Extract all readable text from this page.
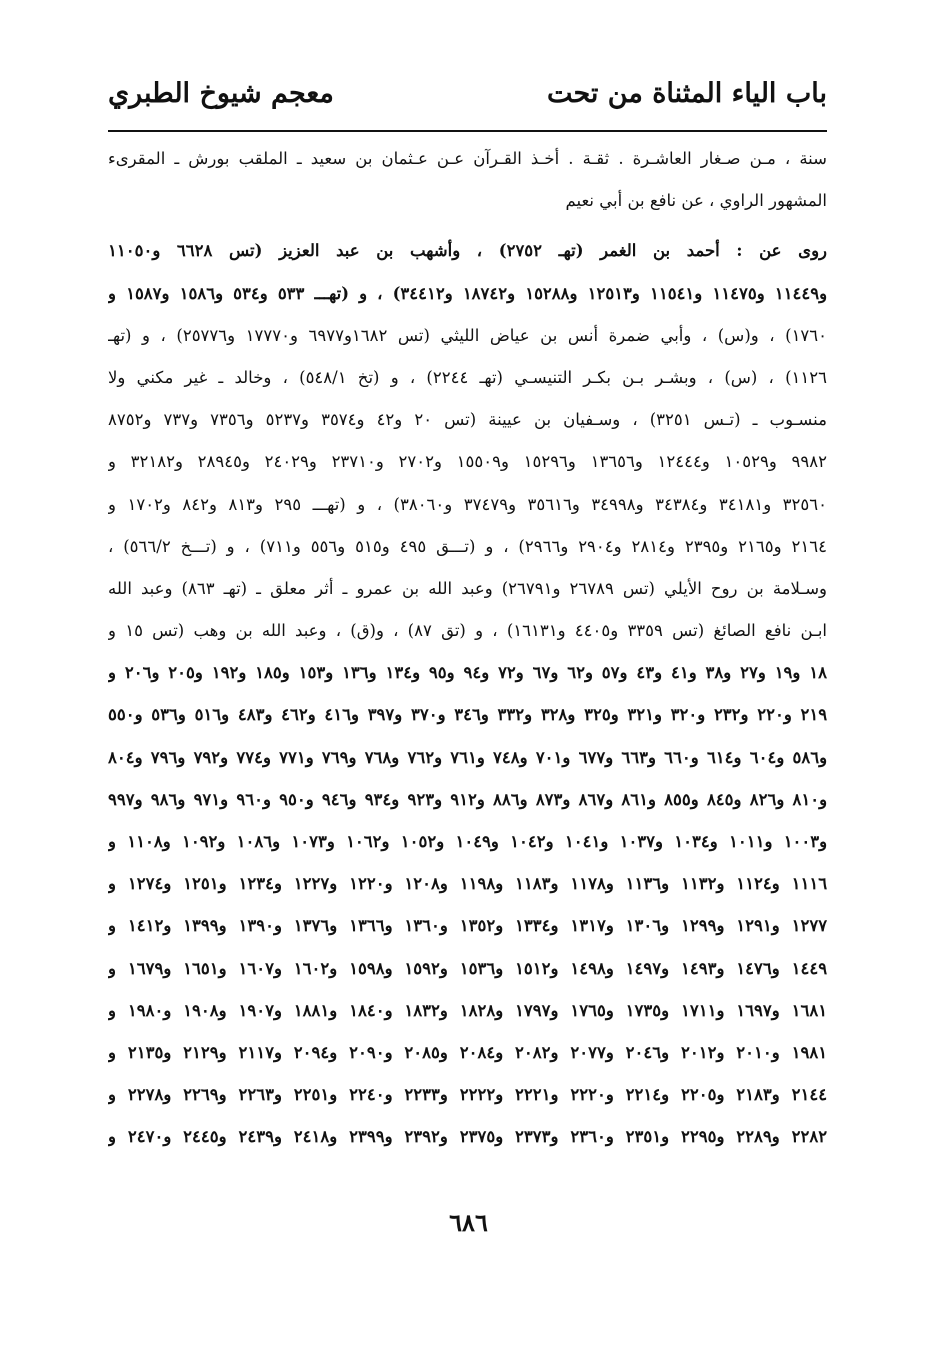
باب الياء المثناة من تحت
معجم شيوخ الطبري
سنة ، مـن صـغار العاشـرة . ثقـة . أخـذ القـرآن عـن عـثمان بن سعيد ـ الملقب بورش ـ المقرىء
المشهور الراوي ، عن نافع بن أبي نعيم
روى عن : أحمد بن الغمر (تهـ ٢٧٥٢) ، وأشهب بن عبد العزيز (تس ٦٦٢٨ و١١٠٥٠
و١١٤٤٩ و١١٤٧٥ و١١٥٤١ و١٢٥١٣ و١٥٢٨٨ و١٨٧٤٢ و٣٤٤١٢) ، و (تهـــ ٥٣٣ و٥٣٤ و١٥٨٦ و١٥٨٧ و
١٧٦٠) ، و(س) ، وأبي ضمرة أنس بن عياض الليثي (تس ١٦٨٢و٦٩٧٧ و١٧٧٧٠ و٢٥٧٧٦) ، و (تهـ
١١٢٦) ، (س) ، وبشـر بـن بكـر التنيسـي (تهـ ٢٢٤٤) ، و (تخ ٥٤٨/١) ، وخالد ـ غير مكني ولا
منسـوب ـ (تـس ٣٢٥١) ، وسـفيان بن عيينة (تس ٢٠ و٤٢ و٣٥٧٤ و٥٢٣٧ و٧٣٥٦ و٧٣٧ و٨٧٥٢
٩٩٨٢ و١٠٥٢٩ و١٢٤٤٤ و١٣٦٥٦ و١٥٢٩٦ و١٥٥٠٩ و٢٧٠٢ و٢٣٧١٠ و٢٤٠٢٩ و٢٨٩٤٥ و٣٢١٨٢ و
٣٢٥٦٠ و٣٤١٨١ و٣٤٣٨٤ و٣٤٩٩٨ و٣٥٦١٦ و٣٧٤٧٩ و٣٨٠٦٠) ، و (تهـــ ٢٩٥ و٨١٣ و٨٤٢ و١٧٠٢ و
٢١٦٤ و٢١٦٥ و٢٣٩٥ و٢٨١٤ و٢٩٠٤ و٢٩٦٦) ، و (تـــق ٤٩٥ و٥١٥ و٥٥٦ و٧١١) ، و (تـــخ ٥٦٦/٢) ،
وسـلامة بن روح الأيلي (تس ٢٦٧٨٩ و٢٦٧٩١) وعبد الله بن عمرو ـ أثر معلق ـ (تهـ ٨٦٣) وعبد الله
ابـن نافع الصائغ (تس ٣٣٥٩ و٤٤٠٥ و١٦١٣١) ، و (تق ٨٧) ، و(ق) ، وعبد الله بن وهب (تس ١٥ و
١٨ و١٩ و٢٧ و٣٨ و٤١ و٤٣ و٥٧ و٦٢ و٦٧ و٧٢ و٩٤ و٩٥ و١٣٤ و١٣٦ و١٥٣ و١٨٥ و١٩٢ و٢٠٥ و٢٠٦ و
٢١٩ و٢٢٠ و٢٣٢ و٣٢٠ و٣٢١ و٣٢٥ و٣٢٨ و٣٣٢ و٣٤٦ و٣٧٠ و٣٩٧ و٤١٦ و٤٦٢ و٤٨٣ و٥١٦ و٥٣٦ و٥٥٠
و٥٨٦ و٦٠٤ و٦١٤ و٦٦٠ و٦٦٣ و٦٧٧ و٧٠١ و٧٤٨ و٧٦١ و٧٦٢ و٧٦٨ و٧٦٩ و٧٧١ و٧٧٤ و٧٩٢ و٧٩٦ و٨٠٤
و٨١٠ و٨٢٦ و٨٤٥ و٨٥٥ و٨٦١ و٨٦٧ و٨٧٣ و٨٨٦ و٩١٢ و٩٢٣ و٩٣٤ و٩٤٦ و٩٥٠ و٩٦٠ و٩٧١ و٩٨٦ و٩٩٧
و١٠٠٣ و١٠١١ و١٠٣٤ و١٠٣٧ و١٠٤١ و١٠٤٢ و١٠٤٩ و١٠٥٢ و١٠٦٢ و١٠٧٣ و١٠٨٦ و١٠٩٢ و١١٠٨ و
١١١٦ و١١٢٤ و١١٣٢ و١١٣٦ و١١٧٨ و١١٨٣ و١١٩٨ و١٢٠٨ و١٢٢٠ و١٢٢٧ و١٢٣٤ و١٢٥١ و١٢٧٤ و
١٢٧٧ و١٢٩١ و١٢٩٩ و١٣٠٦ و١٣١٧ و١٣٣٤ و١٣٥٢ و١٣٦٠ و١٣٦٦ و١٣٧٦ و١٣٩٠ و١٣٩٩ و١٤١٢ و
١٤٤٩ و١٤٧٦ و١٤٩٣ و١٤٩٧ و١٤٩٨ و١٥١٢ و١٥٣٦ و١٥٩٢ و١٥٩٨ و١٦٠٢ و١٦٠٧ و١٦٥١ و١٦٧٩ و
١٦٨١ و١٦٩٧ و١٧١١ و١٧٣٥ و١٧٦٥ و١٧٩٧ و١٨٢٨ و١٨٣٢ و١٨٤٠ و١٨٨١ و١٩٠٧ و١٩٠٨ و١٩٨٠ و
١٩٨١ و٢٠١٠ و٢٠١٢ و٢٠٤٦ و٢٠٧٧ و٢٠٨٢ و٢٠٨٤ و٢٠٨٥ و٢٠٩٠ و٢٠٩٤ و٢١١٧ و٢١٢٩ و٢١٣٥ و
٢١٤٤ و٢١٨٣ و٢٢٠٥ و٢٢١٤ و٢٢٢٠ و٢٢٢١ و٢٢٢٢ و٢٢٣٣ و٢٢٤٠ و٢٢٥١ و٢٢٦٣ و٢٢٦٩ و٢٢٧٨ و
٢٢٨٢ و٢٢٨٩ و٢٢٩٥ و٢٣٥١ و٢٣٦٠ و٢٣٧٣ و٢٣٧٥ و٢٣٩٢ و٢٣٩٩ و٢٤١٨ و٢٤٣٩ و٢٤٤٥ و٢٤٧٠ و
٦٨٦
